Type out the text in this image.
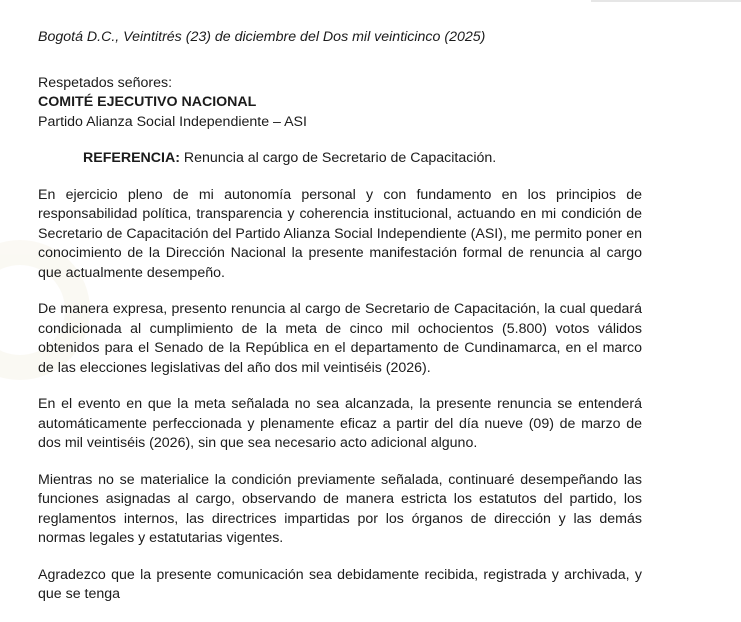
Bogotá D.C., Veintitrés (23) de diciembre del Dos mil veinticinco (2025)

Respetados señores:

COMITÉ EJECUTIVO NACIONAL

Partido Alianza Social Independiente – ASI

REFERENCIA: Renuncia al cargo de Secretario de Capacitación.

En ejercicio pleno de mi autonomía personal y con fundamento en los principios de responsabilidad política, transparencia y coherencia institucional, actuando en mi condición de Secretario de Capacitación del Partido Alianza Social Independiente (ASI), me permito poner en conocimiento de la Dirección Nacional la presente manifestación formal de renuncia al cargo que actualmente desempeño.

De manera expresa, presento renuncia al cargo de Secretario de Capacitación, la cual quedará condicionada al cumplimiento de la meta de cinco mil ochocientos (5.800) votos válidos obtenidos para el Senado de la República en el departamento de Cundinamarca, en el marco de las elecciones legislativas del año dos mil veintiséis (2026).

En el evento en que la meta señalada no sea alcanzada, la presente renuncia se entenderá automáticamente perfeccionada y plenamente eficaz a partir del día nueve (09) de marzo de dos mil veintiséis (2026), sin que sea necesario acto adicional alguno.

Mientras no se materialice la condición previamente señalada, continuaré desempeñando las funciones asignadas al cargo, observando de manera estricta los estatutos del partido, los reglamentos internos, las directrices impartidas por los órganos de dirección y las demás normas legales y estatutarias vigentes.

Agradezco que la presente comunicación sea debidamente recibida, registrada y archivada, y que se tenga
